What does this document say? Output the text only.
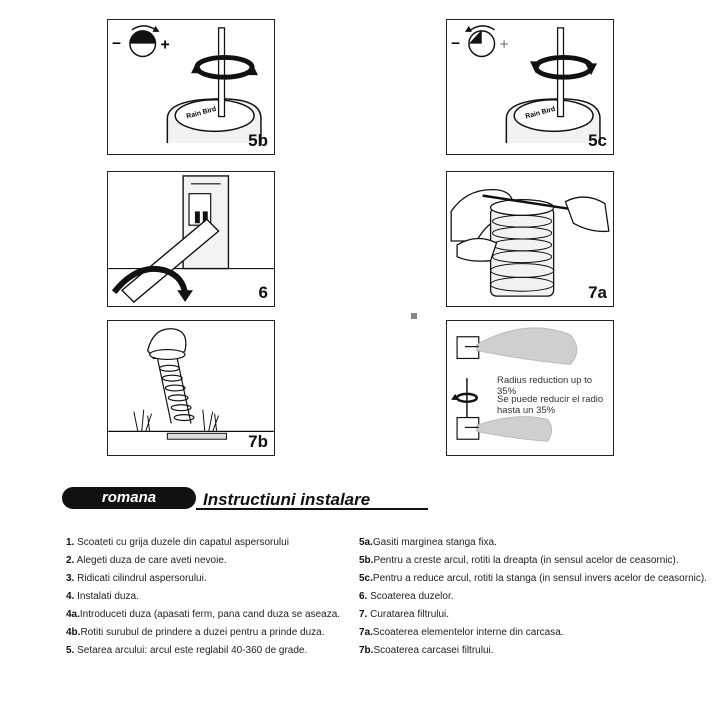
– +
Rain Bird
5b
– +
Rain Bird
5c
6	7a
7b
Radius reduction up to 35%
Se puede reducir el radio
hasta un 35%
romana	Instructiuni instalare
1. Scoateti cu grija duzele din capatul aspersorului
2. Alegeti duza de care aveti nevoie.
3. Ridicati cilindrul aspersorului.
4. Instalati duza.
4a.Introduceti duza (apasati ferm, pana cand duza se aseaza.
4b.Rotiti surubul de prindere a duzei pentru a prinde duza.
5. Setarea arcului: arcul este reglabil 40-360 de grade.
5a.Gasiti marginea stanga fixa.
5b.Pentru a creste arcul, rotiti la dreapta (in sensul acelor de ceasornic).
5c.Pentru a reduce arcul, rotiti la stanga (in sensul invers acelor de ceasornic).
6. Scoaterea duzelor.
7. Curatarea filtrului.
7a.Scoaterea elementelor interne din carcasa.
7b.Scoaterea carcasei filtrului.
